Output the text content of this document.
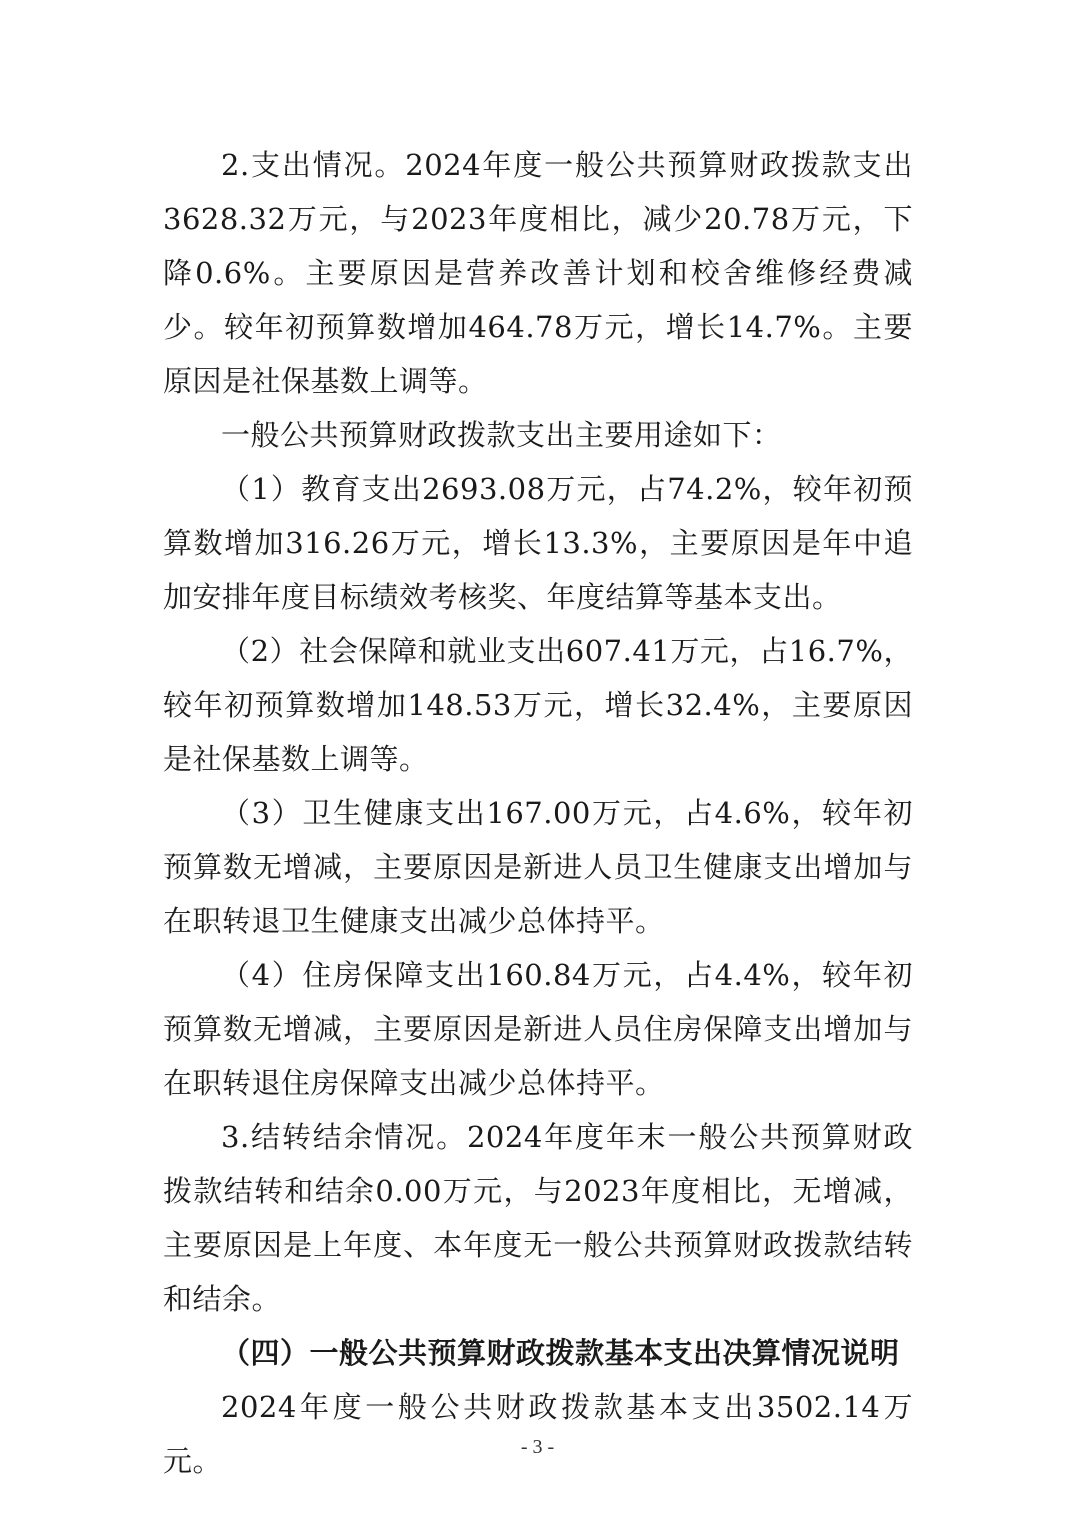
2.支出情况。2024年度一般公共预算财政拨款支出3628.32万元，与2023年度相比，减少20.78万元，下降0.6%。主要原因是营养改善计划和校舍维修经费减少。较年初预算数增加464.78万元，增长14.7%。主要原因是社保基数上调等。

一般公共预算财政拨款支出主要用途如下：

（1）教育支出2693.08万元，占74.2%，较年初预算数增加316.26万元，增长13.3%，主要原因是年中追加安排年度目标绩效考核奖、年度结算等基本支出。

（2）社会保障和就业支出607.41万元，占16.7%，较年初预算数增加148.53万元，增长32.4%，主要原因是社保基数上调等。

（3）卫生健康支出167.00万元，占4.6%，较年初预算数无增减，主要原因是新进人员卫生健康支出增加与在职转退卫生健康支出减少总体持平。

（4）住房保障支出160.84万元，占4.4%，较年初预算数无增减，主要原因是新进人员住房保障支出增加与在职转退住房保障支出减少总体持平。

3.结转结余情况。2024年度年末一般公共预算财政拨款结转和结余0.00万元，与2023年度相比，无增减，主要原因是上年度、本年度无一般公共预算财政拨款结转和结余。

（四）一般公共预算财政拨款基本支出决算情况说明

2024年度一般公共财政拨款基本支出3502.14万元。	- 3 -
